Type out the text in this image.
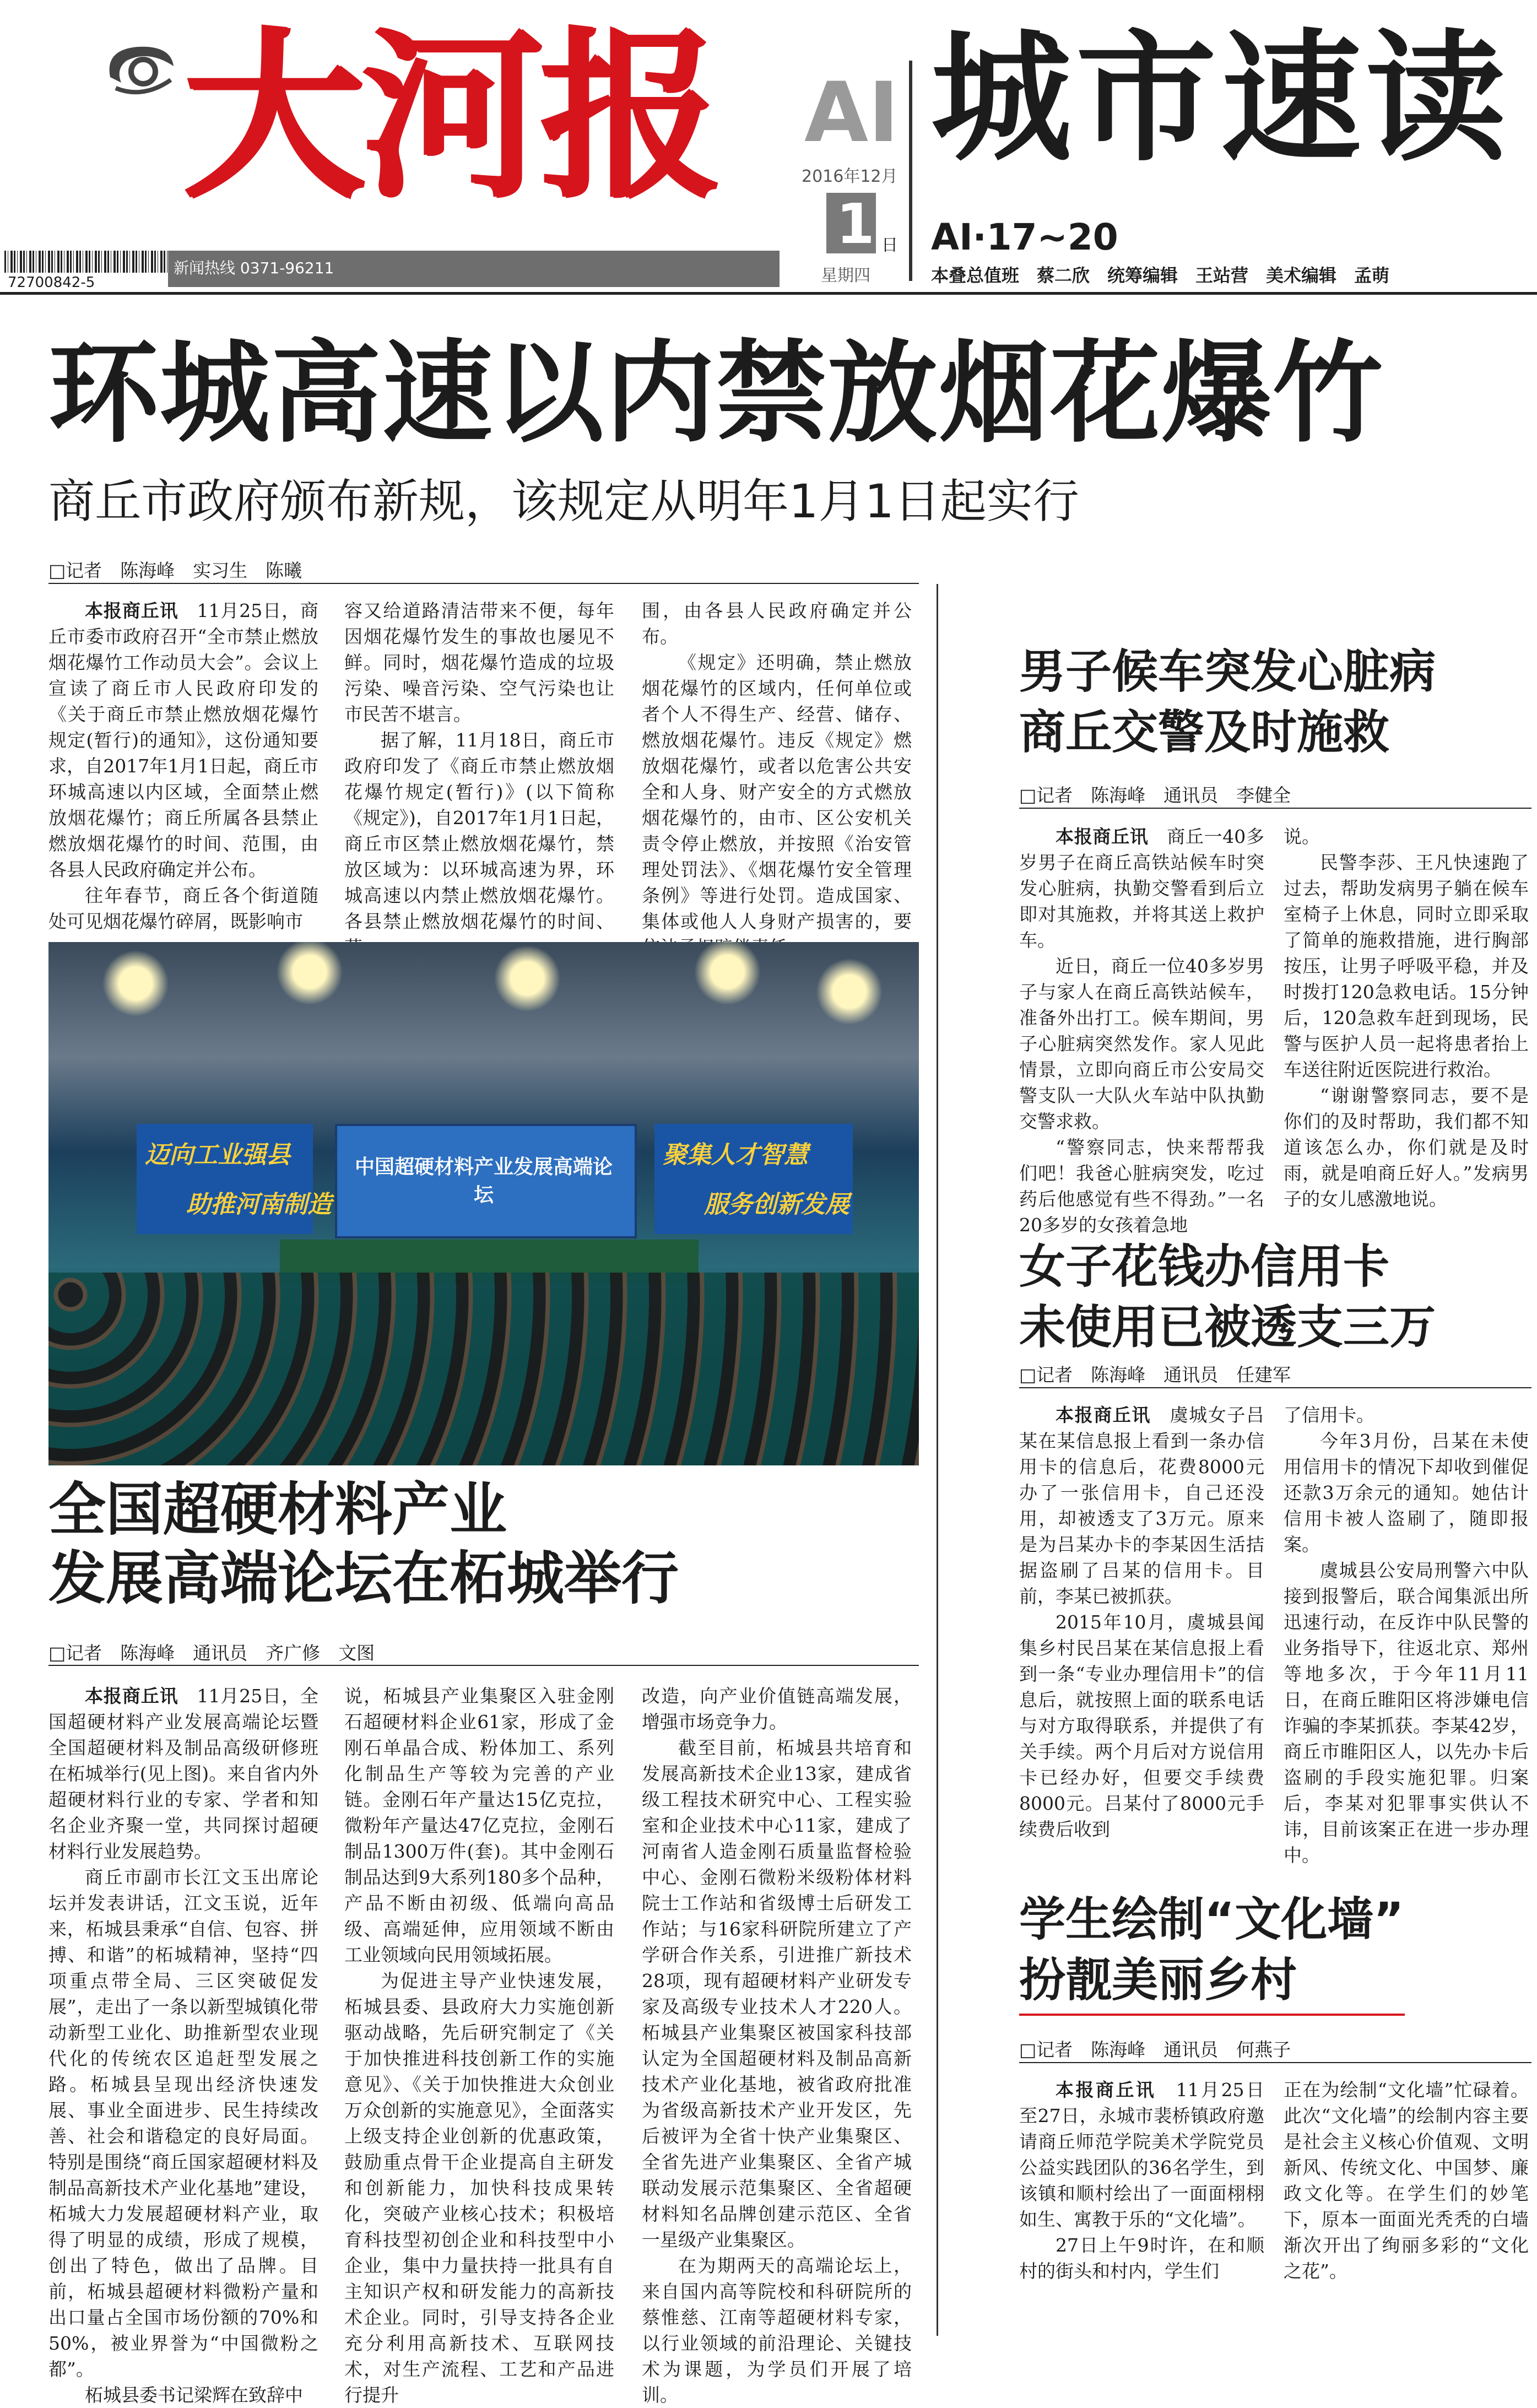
大河报
72700842-5
新闻热线 0371-96211
AⅠ
2016年12月
1 日
星期四
城市速读
AⅠ·17~20
本叠总值班　蔡二欣　统筹编辑　王站营　美术编辑　孟萌
环城高速以内禁放烟花爆竹
商丘市政府颁布新规，该规定从明年1月1日起实行
□记者　陈海峰　实习生　陈曦

本报商丘讯　11月25日，商丘市委市政府召开“全市禁止燃放烟花爆竹工作动员大会”。会议上宣读了商丘市人民政府印发的《关于商丘市禁止燃放烟花爆竹规定(暂行)的通知》，这份通知要求，自2017年1月1日起，商丘市环城高速以内区域，全面禁止燃放烟花爆竹；商丘所属各县禁止燃放烟花爆竹的时间、范围，由各县人民政府确定并公布。

往年春节，商丘各个街道随处可见烟花爆竹碎屑，既影响市

容又给道路清洁带来不便，每年因烟花爆竹发生的事故也屡见不鲜。同时，烟花爆竹造成的垃圾污染、噪音污染、空气污染也让市民苦不堪言。

据了解，11月18日，商丘市政府印发了《商丘市禁止燃放烟花爆竹规定(暂行)》(以下简称《规定》)，自2017年1月1日起，商丘市区禁止燃放烟花爆竹，禁放区域为：以环城高速为界，环城高速以内禁止燃放烟花爆竹。各县禁止燃放烟花爆竹的时间、

围，由各县人民政府确定并公布。

《规定》还明确，禁止燃放烟花爆竹的区域内，任何单位或者个人不得生产、经营、储存、燃放烟花爆竹。违反《规定》燃放烟花爆竹，或者以危害公共安全和人身、财产安全的方式燃放烟花爆竹的，由市、区公安机关责令停止燃放，并按照《治安管理处罚法》、《烟花爆竹安全管理条例》等进行处罚。造成国家、集体或他人人身财产损害的，要

中国超硬材料产业发展高端论坛
迈向工业强县
助推河南制造
聚集人才智慧
服务创新发展
全国超硬材料产业
发展高端论坛在柘城举行
□记者　陈海峰　通讯员　齐广修　文图

本报商丘讯　11月25日，全国超硬材料产业发展高端论坛暨全国超硬材料及制品高级研修班在柘城举行(见上图)。来自省内外超硬材料行业的专家、学者和知名企业齐聚一堂，共同探讨超硬材料行业发展趋势。

商丘市副市长江文玉出席论坛并发表讲话，江文玉说，近年来，柘城县秉承“自信、包容、拼搏、和谐”的柘城精神，坚持“四项重点带全局、三区突破促发展”，走出了一条以新型城镇化带动新型工业化、助推新型农业现代化的传统农区追赶型发展之路。柘城县呈现出经济快速发展、事业全面进步、民生持续改善、社会和谐稳定的良好局面。特别是围绕“商丘国家超硬材料及制品高新技术产业化基地”建设，柘城大力发展超硬材料产业，取得了明显的成绩，形成了规模，创出了特色，做出了品牌。目前，柘城县超硬材料微粉产量和出口量占全国市场份额的70%和50%，被业界誉为“中国微粉之都”。

柘城县委书记梁辉在致辞中

说，柘城县产业集聚区入驻金刚石超硬材料企业61家，形成了金刚石单晶合成、粉体加工、系列化制品生产等较为完善的产业链。金刚石年产量达15亿克拉，微粉年产量达47亿克拉，金刚石制品1300万件(套)。其中金刚石制品达到9大系列180多个品种，产品不断由初级、低端向高品级、高端延伸，应用领域不断由工业领域向民用领域拓展。

为促进主导产业快速发展，柘城县委、县政府大力实施创新驱动战略，先后研究制定了《关于加快推进科技创新工作的实施意见》、《关于加快推进大众创业万众创新的实施意见》，全面落实上级支持企业创新的优惠政策，鼓励重点骨干企业提高自主研发和创新能力，加快科技成果转化，突破产业核心技术；积极培育科技型初创企业和科技型中小企业，集中力量扶持一批具有自主知识产权和研发能力的高新技术企业。同时，引导支持各企业充分利用高新技术、互联网技术，对生产流程、工艺和产品进行提升

改造，向产业价值链高端发展，增强市场竞争力。

截至目前，柘城县共培育和发展高新技术企业13家，建成省级工程技术研究中心、工程实验室和企业技术中心11家，建成了河南省人造金刚石质量监督检验中心、金刚石微粉米级粉体材料院士工作站和省级博士后研发工作站；与16家科研院所建立了产学研合作关系，引进推广新技术28项，现有超硬材料产业研发专家及高级专业技术人才220人。柘城县产业集聚区被国家科技部认定为全国超硬材料及制品高新技术产业化基地，被省政府批准为省级高新技术产业开发区，先后被评为全省十快产业集聚区、全省先进产业集聚区、全省产城联动发展示范集聚区、全省超硬材料知名品牌创建示范区、全省一星级产业集聚区。

在为期两天的高端论坛上，来自国内高等院校和科研院所的蔡惟慈、江南等超硬材料专家，以行业领域的前沿理论、关键技术为课题，为学员们开展了培训。

男子候车突发心脏病
商丘交警及时施救
□记者　陈海峰　通讯员　李健全

本报商丘讯　商丘一40多岁男子在商丘高铁站候车时突发心脏病，执勤交警看到后立即对其施救，并将其送上救护车。

近日，商丘一位40多岁男子与家人在商丘高铁站候车，准备外出打工。候车期间，男子心脏病突然发作。家人见此情景，立即向商丘市公安局交警支队一大队火车站中队执勤交警求救。

“警察同志，快来帮帮我们吧！我爸心脏病突发，吃过药后他感觉有些不得劲。”一名20多岁的女孩着急地

说。

民警李莎、王凡快速跑了过去，帮助发病男子躺在候车室椅子上休息，同时立即采取了简单的施救措施，进行胸部按压，让男子呼吸平稳，并及时拨打120急救电话。15分钟后，120急救车赶到现场，民警与医护人员一起将患者抬上车送往附近医院进行救治。

“谢谢警察同志，要不是你们的及时帮助，我们都不知道该怎么办，你们就是及时雨，就是咱商丘好人。”发病男子的女儿感激地说。

女子花钱办信用卡
未使用已被透支三万
□记者　陈海峰　通讯员　任建军

本报商丘讯　虞城女子吕某在某信息报上看到一条办信用卡的信息后，花费8000元办了一张信用卡，自己还没用，却被透支了3万元。原来是为吕某办卡的李某因生活拮据盗刷了吕某的信用卡。目前，李某已被抓获。

2015年10月，虞城县闻集乡村民吕某在某信息报上看到一条“专业办理信用卡”的信息后，就按照上面的联系电话与对方取得联系，并提供了有关手续。两个月后对方说信用卡已经办好，但要交手续费8000元。吕某付了8000元手续费后收到

了信用卡。

今年3月份，吕某在未使用信用卡的情况下却收到催促还款3万余元的通知。她估计信用卡被人盗刷了，随即报案。

虞城县公安局刑警六中队接到报警后，联合闻集派出所迅速行动，在反诈中队民警的业务指导下，往返北京、郑州等地多次，于今年11月11日，在商丘睢阳区将涉嫌电信诈骗的李某抓获。李某42岁，商丘市睢阳区人，以先办卡后盗刷的手段实施犯罪。归案后，李某对犯罪事实供认不讳，目前该案正在进一步办理中。

学生绘制“文化墙”
扮靓美丽乡村
□记者　陈海峰　通讯员　何燕子

本报商丘讯　11月25日至27日，永城市裴桥镇政府邀请商丘师范学院美术学院党员公益实践团队的36名学生，到该镇和顺村绘出了一面面栩栩如生、寓教于乐的“文化墙”。

27日上午9时许，在和顺村的街头和村内，学生们

正在为绘制“文化墙”忙碌着。此次“文化墙”的绘制内容主要是社会主义核心价值观、文明新风、传统文化、中国梦、廉政文化等。在学生们的妙笔下，原本一面面光秃秃的白墙渐次开出了绚丽多彩的“文化之花”。
